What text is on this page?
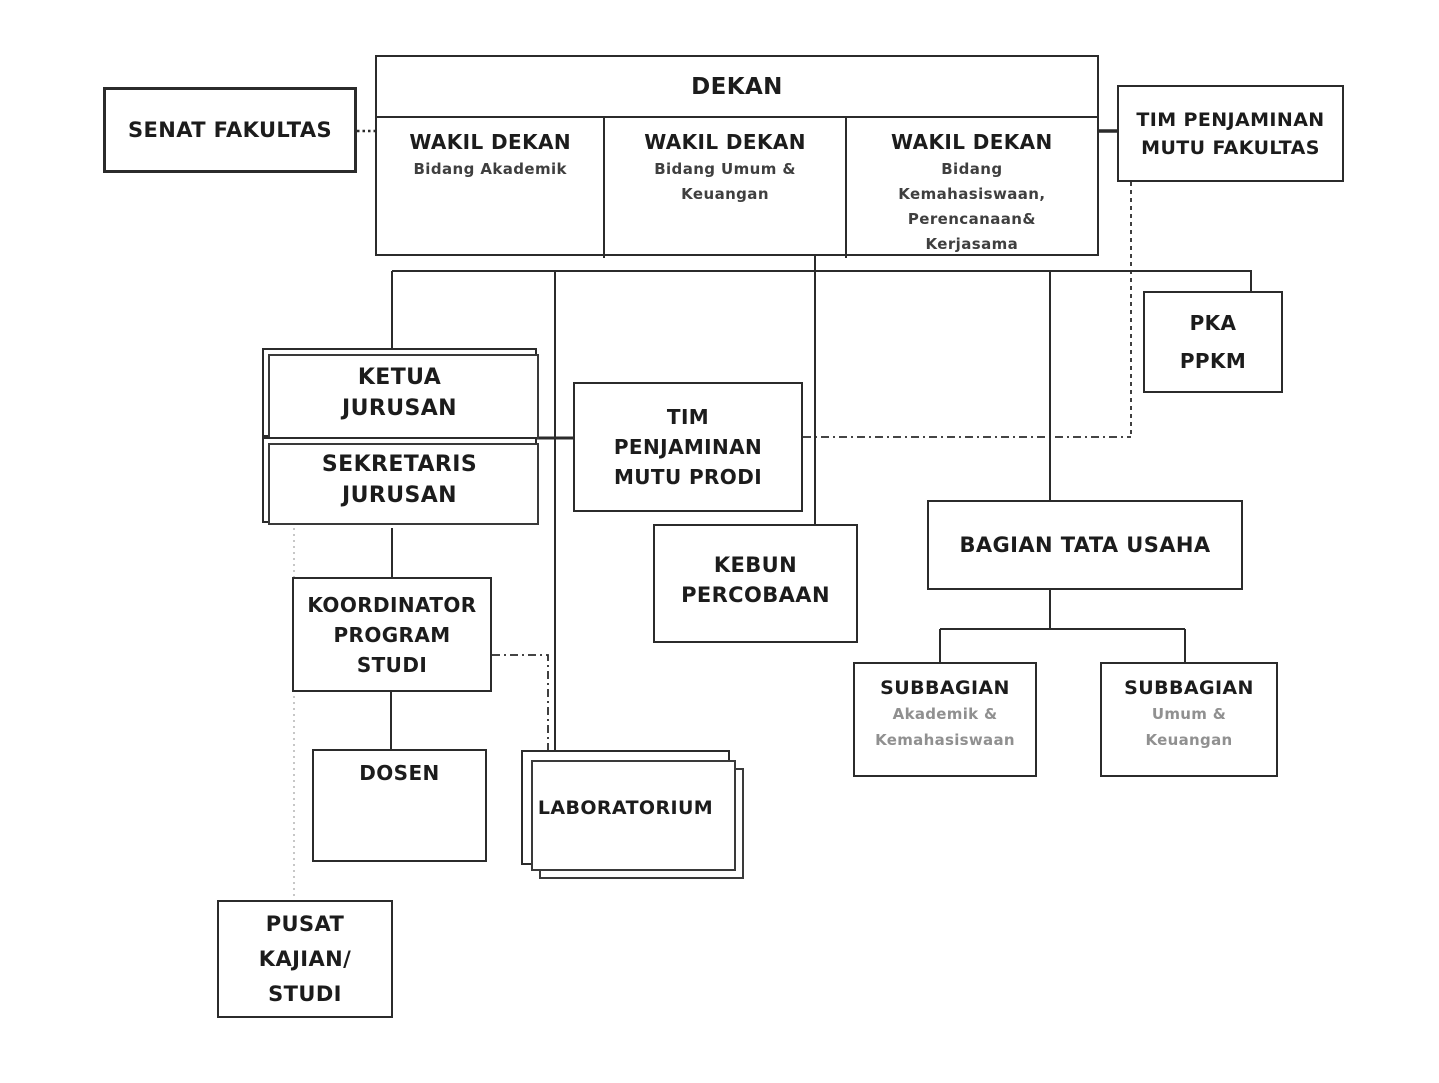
SENAT FAKULTAS
DEKAN
WAKIL DEKAN
Bidang Akademik
WAKIL DEKAN
Bidang Umum &
Keuangan
WAKIL DEKAN
Bidang
Kemahasiswaan,
Perencanaan&
Kerjasama
TIM PENJAMINAN
MUTU FAKULTAS
PKA
PPKM
KETUA
JURUSAN
SEKRETARIS
JURUSAN
TIM
PENJAMINAN
MUTU PRODI
KEBUN
PERCOBAAN
BAGIAN TATA USAHA
SUBBAGIAN
Akademik &
Kemahasiswaan
SUBBAGIAN
Umum &
Keuangan
KOORDINATOR
PROGRAM
STUDI
DOSEN
LABORATORIUM
PUSAT
KAJIAN/
STUDI
